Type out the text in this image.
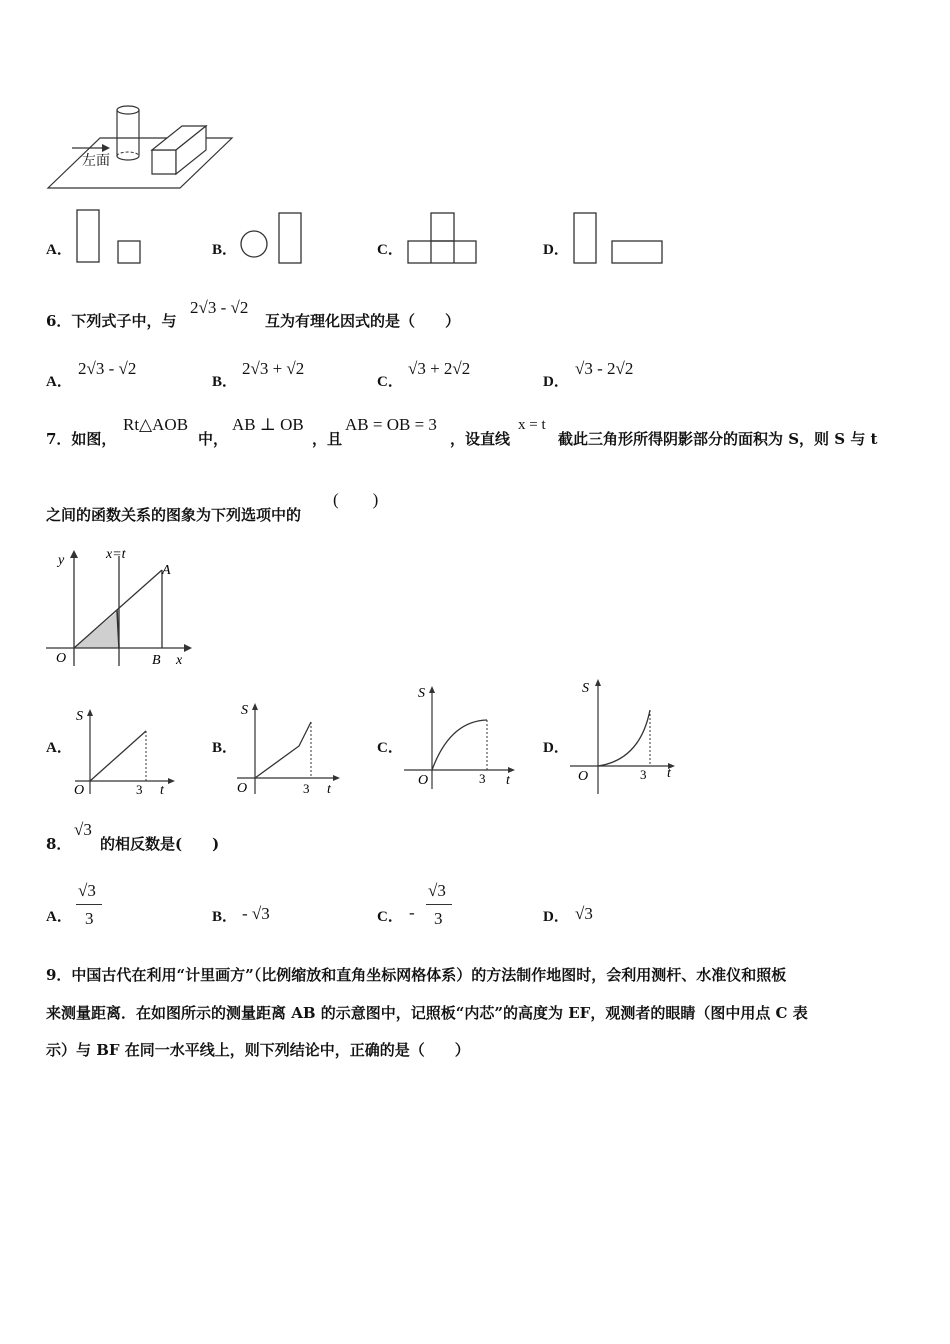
左面
A．	B．	C．	D．
6．下列式子中，与
2√3 - √2
互为有理化因式的是（　　）
A．
2√3 - √2
B．
2√3 + √2
C．
√3 + 2√2
D．
√3 - 2√2
7．如图，
Rt△AOB
中，
AB ⊥ OB
，且
AB = OB = 3
，设直线
x = t
截此三角形所得阴影部分的面积为 S，则 S 与 t
之间的函数关系的图象为下列选项中的
(　　)
y	x=t
A
O	B x
A．
S
O	3 t
B．
S
O	3 t
C．
S
O	3 t
D．
S
O	3 t
8．
√3
的相反数是(　　)
A．
√3
3	B． - √3	C． -
√3
3	D． √3
9．中国古代在利用“计里画方”（比例缩放和直角坐标网格体系）的方法制作地图时，会利用测杆、水准仪和照板
来测量距离．在如图所示的测量距离 AB 的示意图中，记照板“内芯”的高度为 EF，观测者的眼睛（图中用点 C 表
示）与 BF 在同一水平线上，则下列结论中，正确的是（　　）
